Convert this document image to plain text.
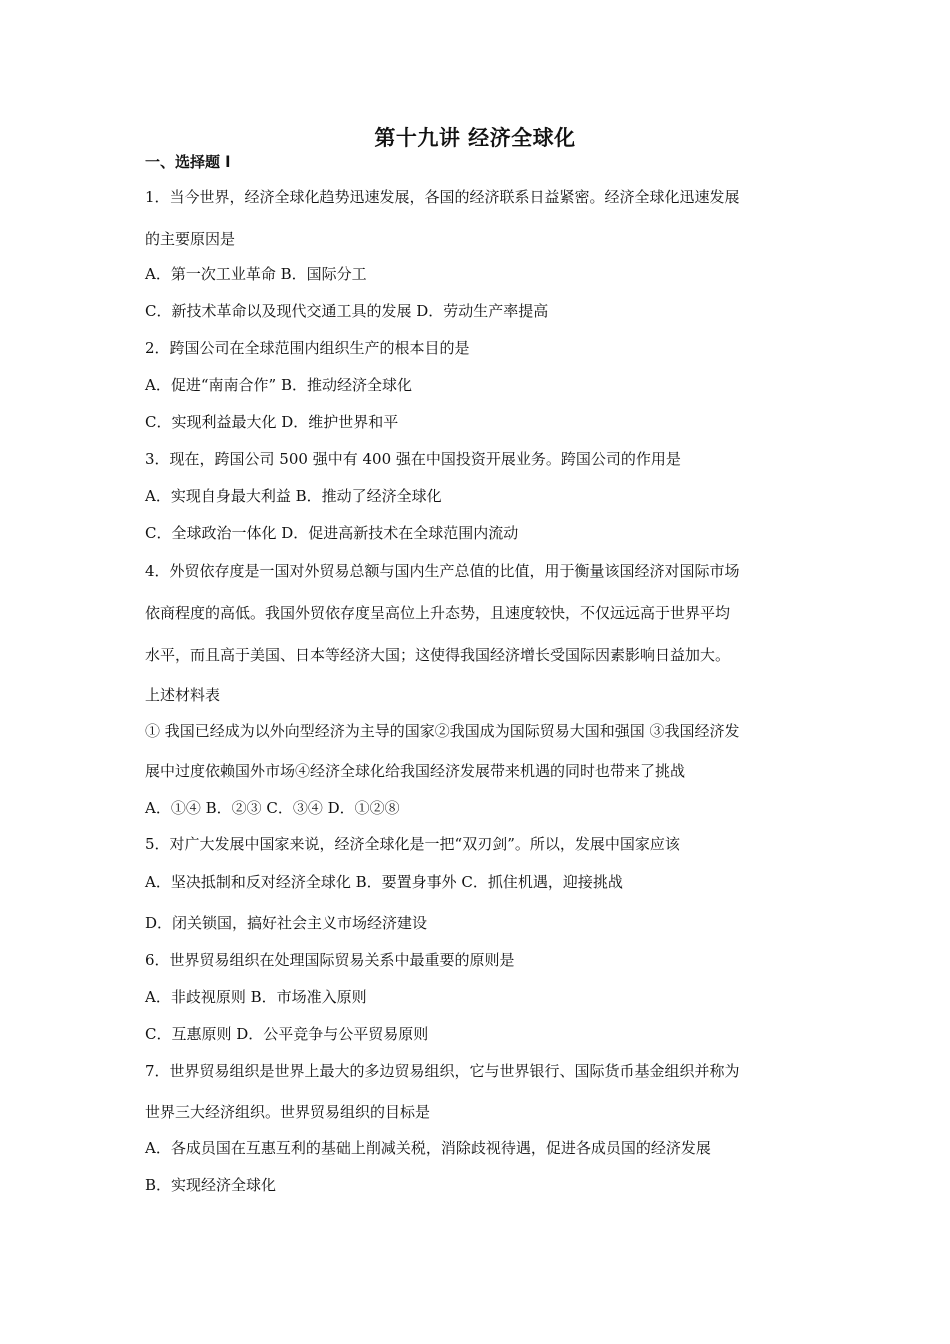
第十九讲 经济全球化
一、选择题 l
1．当今世界，经济全球化趋势迅速发展，各国的经济联系日益紧密。经济全球化迅速发展
的主要原因是
A．第一次工业革命 B．国际分工
C．新技术革命以及现代交通工具的发展 D．劳动生产率提高
2．跨国公司在全球范围内组织生产的根本目的是
A．促进“南南合作” B．推动经济全球化
C．实现利益最大化 D．维护世界和平
3．现在，跨国公司 500 强中有 400 强在中国投资开展业务。跨国公司的作用是
A．实现自身最大利益 B．推动了经济全球化
C．全球政治一体化 D．促进高新技术在全球范围内流动
4．外贸依存度是一国对外贸易总额与国内生产总值的比值，用于衡量该国经济对国际市场
依商程度的高低。我国外贸依存度呈高位上升态势，且速度较快，不仅远远高于世界平均
水平，而且高于美国、日本等经济大国；这使得我国经济增长受国际因素影响日益加大。
上述材料表
① 我国已经成为以外向型经济为主导的国家②我国成为国际贸易大国和强国 ③我国经济发
展中过度依赖国外市场④经济全球化给我国经济发展带来机遇的同时也带来了挑战
A．①④ B．②③ C．③④ D．①②⑧
5．对广大发展中国家来说，经济全球化是一把“双刃剑”。所以，发展中国家应该
A．坚决抵制和反对经济全球化 B．要置身事外 C．抓住机遇，迎接挑战
D．闭关锁国，搞好社会主义市场经济建设
6．世界贸易组织在处理国际贸易关系中最重要的原则是
A．非歧视原则 B．市场准入原则
C．互惠原则 D．公平竞争与公平贸易原则
7．世界贸易组织是世界上最大的多边贸易组织，它与世界银行、国际货币基金组织并称为
世界三大经济组织。世界贸易组织的目标是
A．各成员国在互惠互利的基础上削减关税，消除歧视待遇，促进各成员国的经济发展
B．实现经济全球化
